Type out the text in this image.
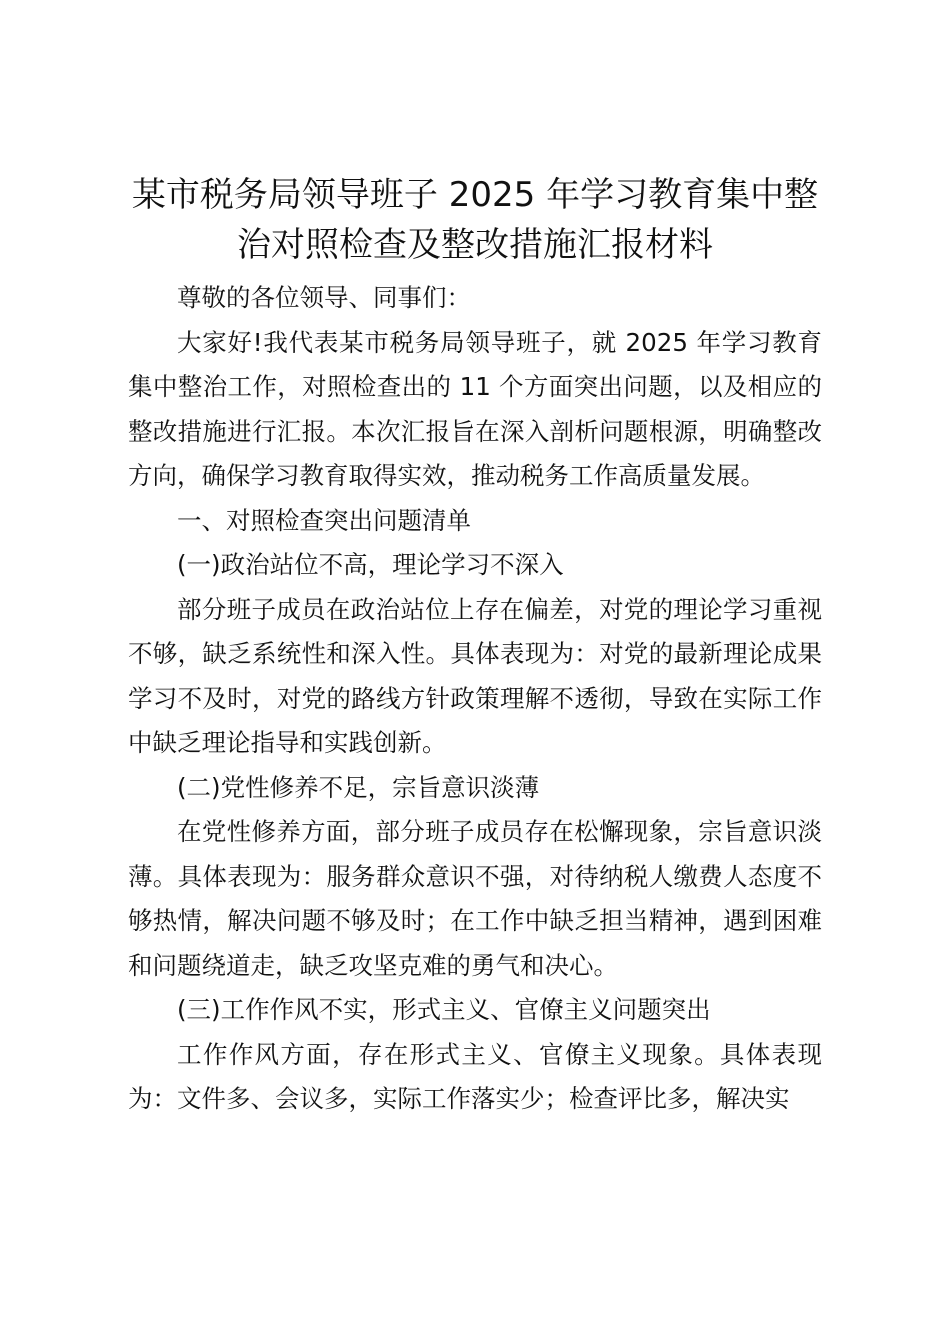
某市税务局领导班子 2025 年学习教育集中整
治对照检查及整改措施汇报材料

尊敬的各位领导、同事们：

大家好!我代表某市税务局领导班子，就 2025 年学习教育集中整治工作，对照检查出的 11 个方面突出问题，以及相应的整改措施进行汇报。本次汇报旨在深入剖析问题根源，明确整改方向，确保学习教育取得实效，推动税务工作高质量发展。

一、对照检查突出问题清单

(一)政治站位不高，理论学习不深入

部分班子成员在政治站位上存在偏差，对党的理论学习重视不够，缺乏系统性和深入性。具体表现为：对党的最新理论成果学习不及时，对党的路线方针政策理解不透彻，导致在实际工作中缺乏理论指导和实践创新。

(二)党性修养不足，宗旨意识淡薄

在党性修养方面，部分班子成员存在松懈现象，宗旨意识淡薄。具体表现为：服务群众意识不强，对待纳税人缴费人态度不够热情，解决问题不够及时；在工作中缺乏担当精神，遇到困难和问题绕道走，缺乏攻坚克难的勇气和决心。

(三)工作作风不实，形式主义、官僚主义问题突出

工作作风方面，存在形式主义、官僚主义现象。具体表现为：文件多、会议多，实际工作落实少；检查评比多，解决实
